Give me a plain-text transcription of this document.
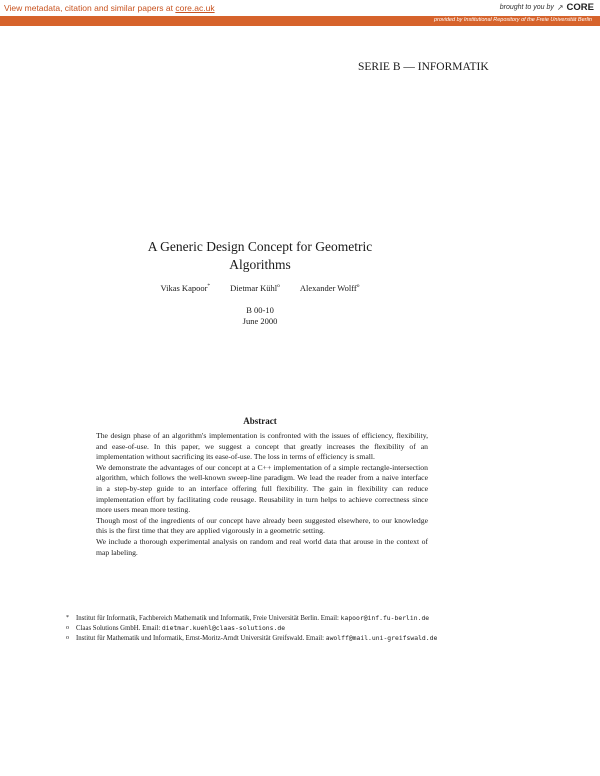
View metadata, citation and similar papers at core.ac.uk	brought to you by ↗ CORE
provided by Institutional Repository of the Freie Universität Berlin
SERIE B — INFORMATIK
A Generic Design Concept for Geometric
Algorithms
Vikas Kapoor* Dietmar Kühl$^o$ Alexander Wolff$^o$
B 00-10
June 2000
Abstract

The design phase of an algorithm's implementation is confronted with the issues of efficiency, flexibility, and ease-of-use. In this paper, we suggest a concept that greatly increases the flexibility of an implementation without sacrificing its ease-of-use. The loss in terms of efficiency is small.

We demonstrate the advantages of our concept at a C++ implementation of a simple rectangle-intersection algorithm, which follows the well-known sweep-line paradigm. We lead the reader from a naive interface in a step-by-step guide to an interface offering full flexibility. The gain in flexibility can reduce implementation effort by facilitating code reusage. Reusability in turn helps to achieve correctness since more users mean more testing.

Though most of the ingredients of our concept have already been suggested elsewhere, to our knowledge this is the first time that they are applied vigorously in a geometric setting.

We include a thorough experimental analysis on random and real world data that arouse in the context of map labeling.

* Institut für Informatik, Fachbereich Mathematik und Informatik, Freie Universität Berlin. Email: kapoor@inf.fu-berlin.de
o Claas Solutions GmbH. Email: dietmar.kuehl@claas-solutions.de
o Institut für Mathematik und Informatik, Ernst-Moritz-Arndt Universität Greifswald. Email: awolff@mail.uni-greifswald.de
